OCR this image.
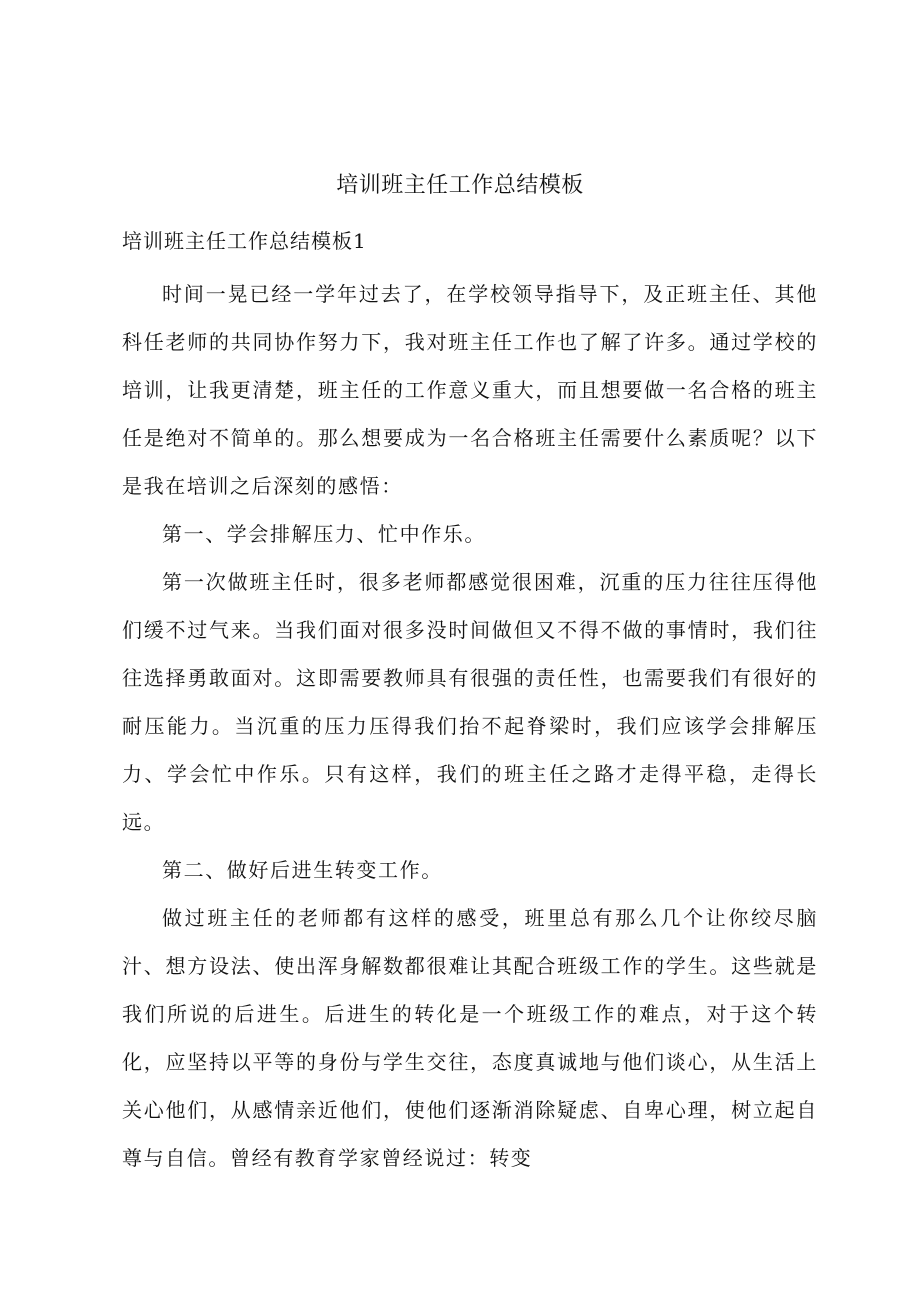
培训班主任工作总结模板
培训班主任工作总结模板1

时间一晃已经一学年过去了，在学校领导指导下，及正班主任、其他科任老师的共同协作努力下，我对班主任工作也了解了许多。通过学校的培训，让我更清楚，班主任的工作意义重大，而且想要做一名合格的班主任是绝对不简单的。那么想要成为一名合格班主任需要什么素质呢？以下是我在培训之后深刻的感悟：

第一、学会排解压力、忙中作乐。

第一次做班主任时，很多老师都感觉很困难，沉重的压力往往压得他们缓不过气来。当我们面对很多没时间做但又不得不做的事情时，我们往往选择勇敢面对。这即需要教师具有很强的责任性，也需要我们有很好的耐压能力。当沉重的压力压得我们抬不起脊梁时，我们应该学会排解压力、学会忙中作乐。只有这样，我们的班主任之路才走得平稳，走得长远。

第二、做好后进生转变工作。

做过班主任的老师都有这样的感受，班里总有那么几个让你绞尽脑汁、想方设法、使出浑身解数都很难让其配合班级工作的学生。这些就是我们所说的后进生。后进生的转化是一个班级工作的难点，对于这个转化，应坚持以平等的身份与学生交往，态度真诚地与他们谈心，从生活上关心他们，从感情亲近他们，使他们逐渐消除疑虑、自卑心理，树立起自尊与自信。曾经有教育学家曾经说过：转变
